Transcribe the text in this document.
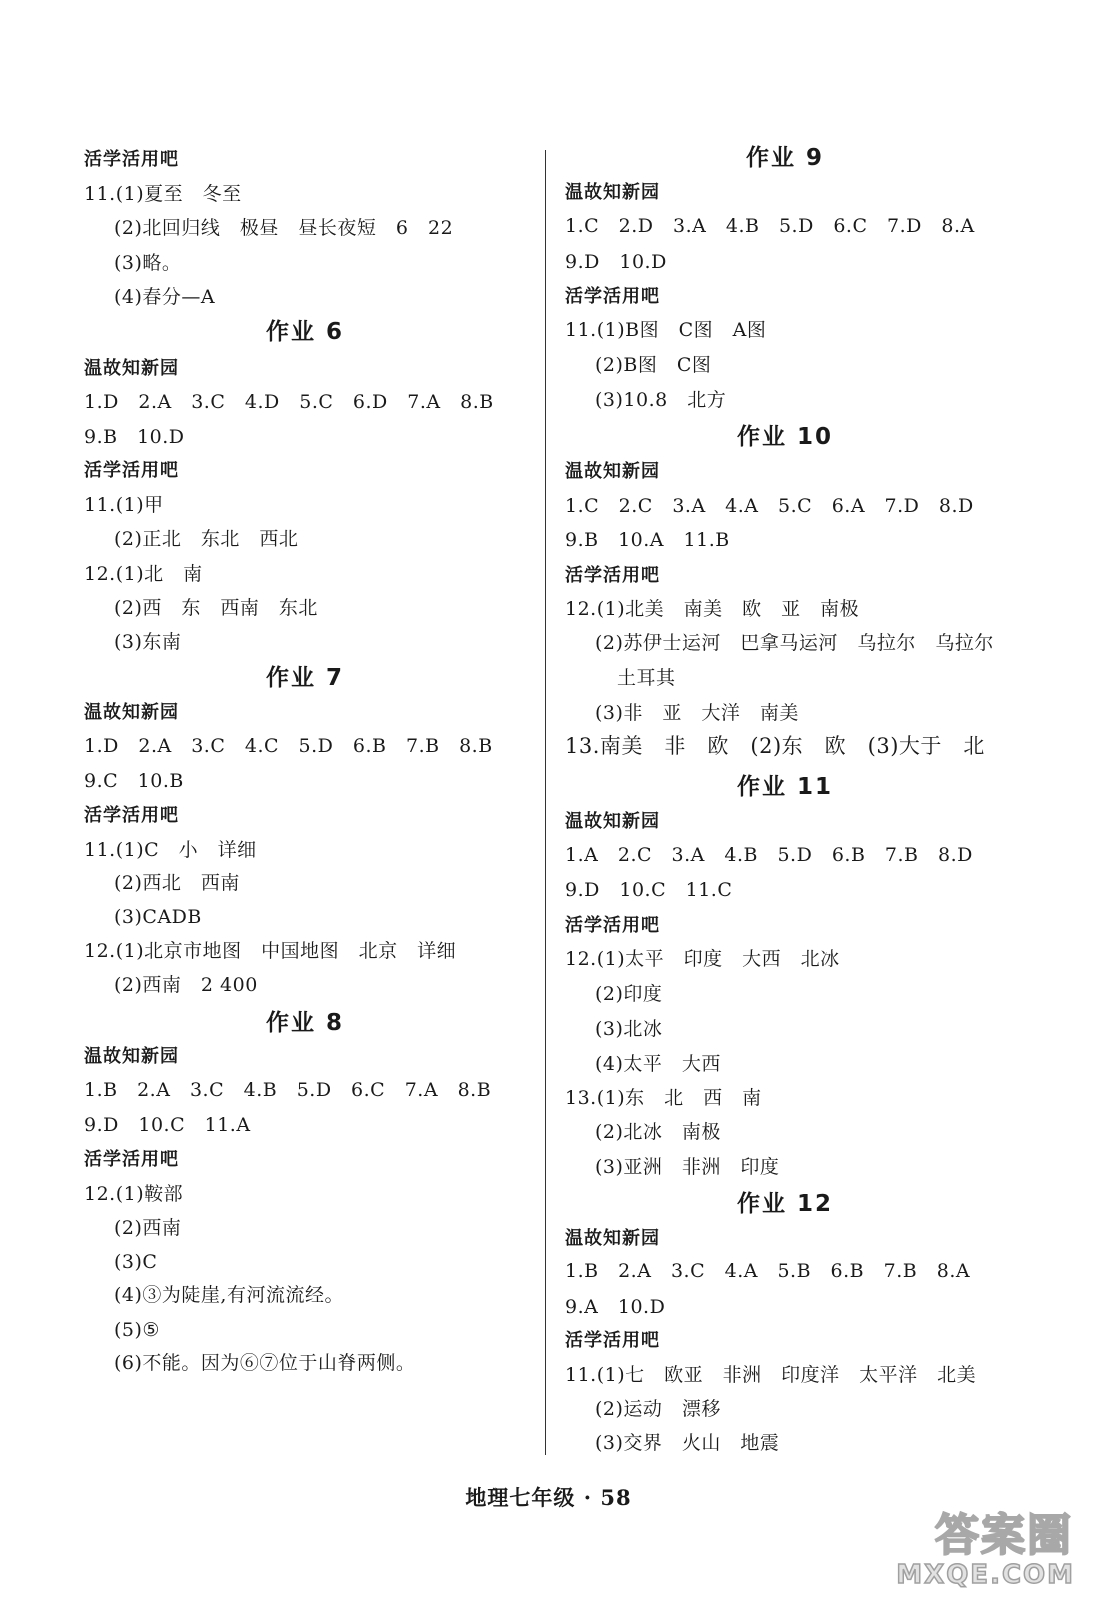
活学活用吧
11.(1)夏至　冬至
(2)北回归线　极昼　昼长夜短　6　22
(3)略。
(4)春分—A
作业 6
温故知新园
1.D　2.A　3.C　4.D　5.C　6.D　7.A　8.B
9.B　10.D
活学活用吧
11.(1)甲
(2)正北　东北　西北
12.(1)北　南
(2)西　东　西南　东北
(3)东南
作业 7
温故知新园
1.D　2.A　3.C　4.C　5.D　6.B　7.B　8.B
9.C　10.B
活学活用吧
11.(1)C　小　详细
(2)西北　西南
(3)CADB
12.(1)北京市地图　中国地图　北京　详细
(2)西南　2 400
作业 8
温故知新园
1.B　2.A　3.C　4.B　5.D　6.C　7.A　8.B
9.D　10.C　11.A
活学活用吧
12.(1)鞍部
(2)西南
(3)C
(4)③为陡崖,有河流流经。
(5)⑤
(6)不能。因为⑥⑦位于山脊两侧。
作业 9
温故知新园
1.C　2.D　3.A　4.B　5.D　6.C　7.D　8.A
9.D　10.D
活学活用吧
11.(1)B图　C图　A图
(2)B图　C图
(3)10.8　北方
作业 10
温故知新园
1.C　2.C　3.A　4.A　5.C　6.A　7.D　8.D
9.B　10.A　11.B
活学活用吧
12.(1)北美　南美　欧　亚　南极
(2)苏伊士运河　巴拿马运河　乌拉尔　乌拉尔
土耳其
(3)非　亚　大洋　南美
13.南美　非　欧　(2)东　欧　(3)大于　北
作业 11
温故知新园
1.A　2.C　3.A　4.B　5.D　6.B　7.B　8.D
9.D　10.C　11.C
活学活用吧
12.(1)太平　印度　大西　北冰
(2)印度
(3)北冰
(4)太平　大西
13.(1)东　北　西　南
(2)北冰　南极
(3)亚洲　非洲　印度
作业 12
温故知新园
1.B　2.A　3.C　4.A　5.B　6.B　7.B　8.A
9.A　10.D
活学活用吧
11.(1)七　欧亚　非洲　印度洋　太平洋　北美
(2)运动　漂移
(3)交界　火山　地震
地理七年级 · 58
答案圈
MXQE.COM
